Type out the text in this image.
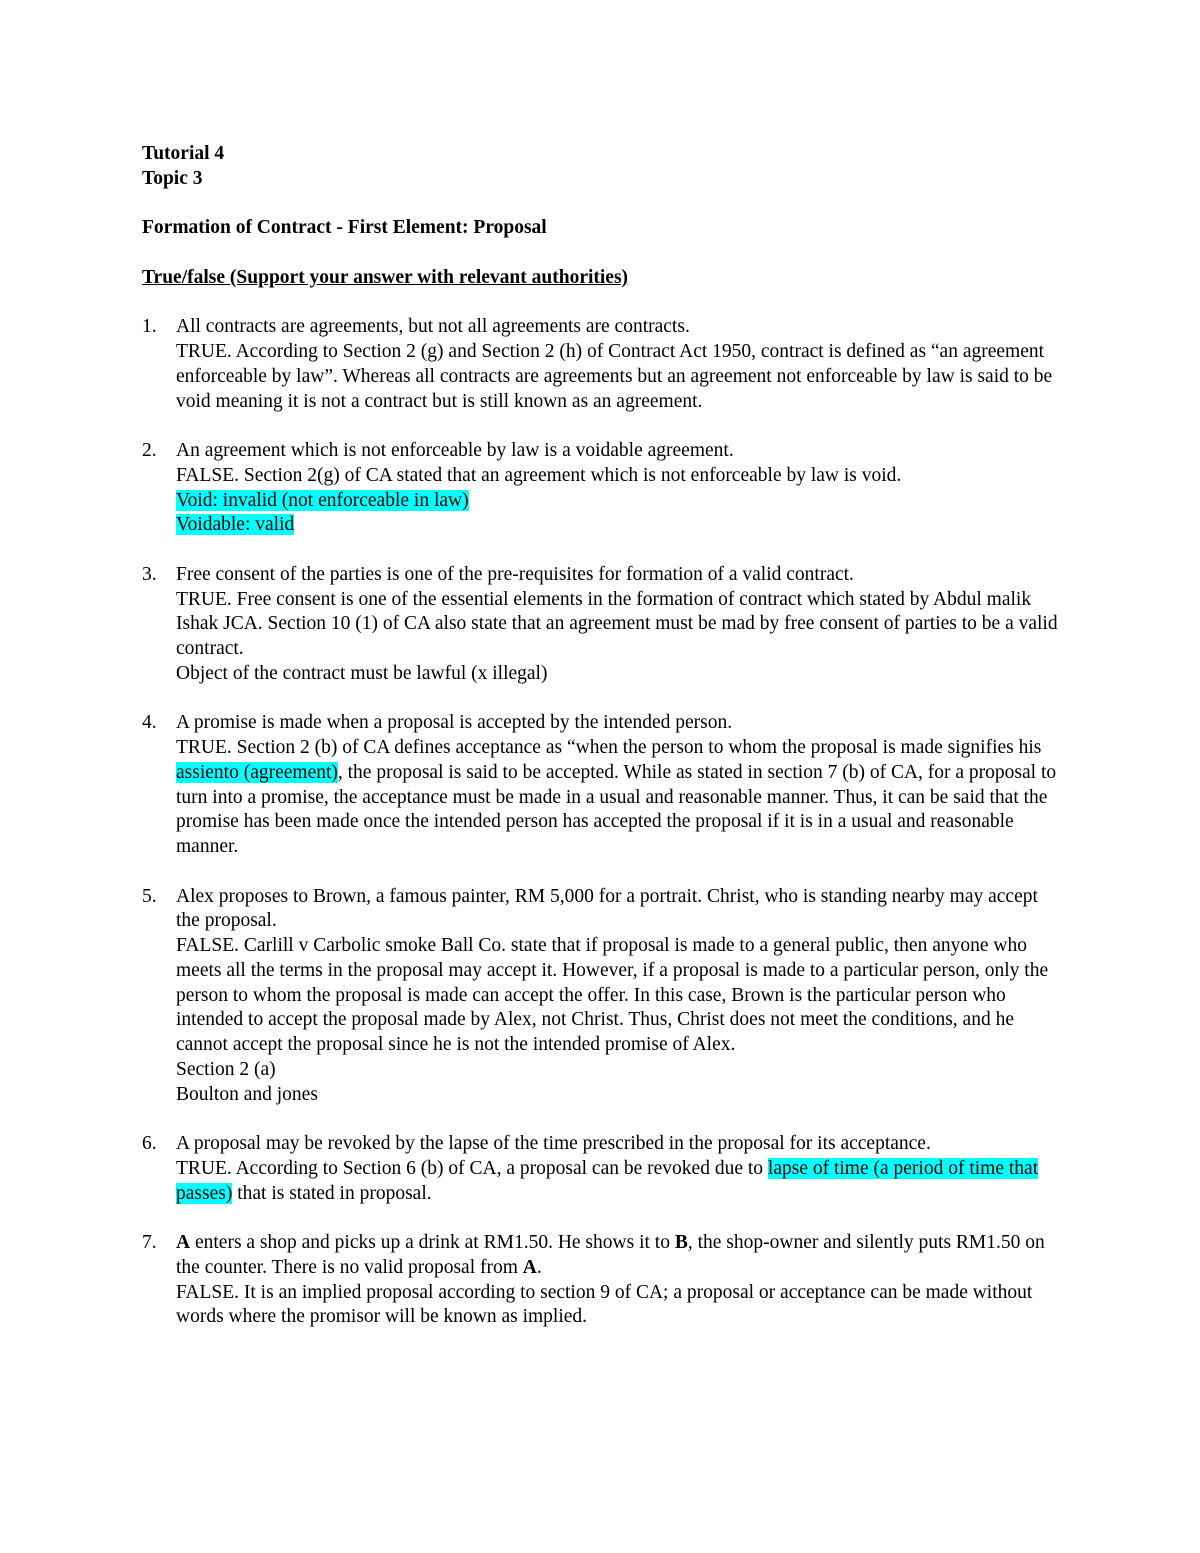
Tutorial 4
Topic 3
Formation of Contract - First Element: Proposal
True/false (Support your answer with relevant authorities)
1. All contracts are agreements, but not all agreements are contracts.
TRUE. According to Section 2 (g) and Section 2 (h) of Contract Act 1950, contract is defined as “an agreement enforceable by law”. Whereas all contracts are agreements but an agreement not enforceable by law is said to be void meaning it is not a contract but is still known as an agreement.
2. An agreement which is not enforceable by law is a voidable agreement.
FALSE. Section 2(g) of CA stated that an agreement which is not enforceable by law is void.
Void: invalid (not enforceable in law)
Voidable: valid
3. Free consent of the parties is one of the pre-requisites for formation of a valid contract.
TRUE. Free consent is one of the essential elements in the formation of contract which stated by Abdul malik Ishak JCA. Section 10 (1) of CA also state that an agreement must be mad by free consent of parties to be a valid contract.
Object of the contract must be lawful (x illegal)
4. A promise is made when a proposal is accepted by the intended person.
TRUE. Section 2 (b) of CA defines acceptance as “when the person to whom the proposal is made signifies his assiento (agreement), the proposal is said to be accepted. While as stated in section 7 (b) of CA, for a proposal to turn into a promise, the acceptance must be made in a usual and reasonable manner. Thus, it can be said that the promise has been made once the intended person has accepted the proposal if it is in a usual and reasonable manner.
5. Alex proposes to Brown, a famous painter, RM 5,000 for a portrait. Christ, who is standing nearby may accept the proposal.
FALSE. Carlill v Carbolic smoke Ball Co. state that if proposal is made to a general public, then anyone who meets all the terms in the proposal may accept it. However, if a proposal is made to a particular person, only the person to whom the proposal is made can accept the offer. In this case, Brown is the particular person who intended to accept the proposal made by Alex, not Christ. Thus, Christ does not meet the conditions, and he cannot accept the proposal since he is not the intended promise of Alex.
Section 2 (a)
Boulton and jones
6. A proposal may be revoked by the lapse of the time prescribed in the proposal for its acceptance.
TRUE. According to Section 6 (b) of CA, a proposal can be revoked due to lapse of time (a period of time that passes) that is stated in proposal.
7. A enters a shop and picks up a drink at RM1.50. He shows it to B, the shop-owner and silently puts RM1.50 on the counter. There is no valid proposal from A.
FALSE. It is an implied proposal according to section 9 of CA; a proposal or acceptance can be made without words where the promisor will be known as implied.
